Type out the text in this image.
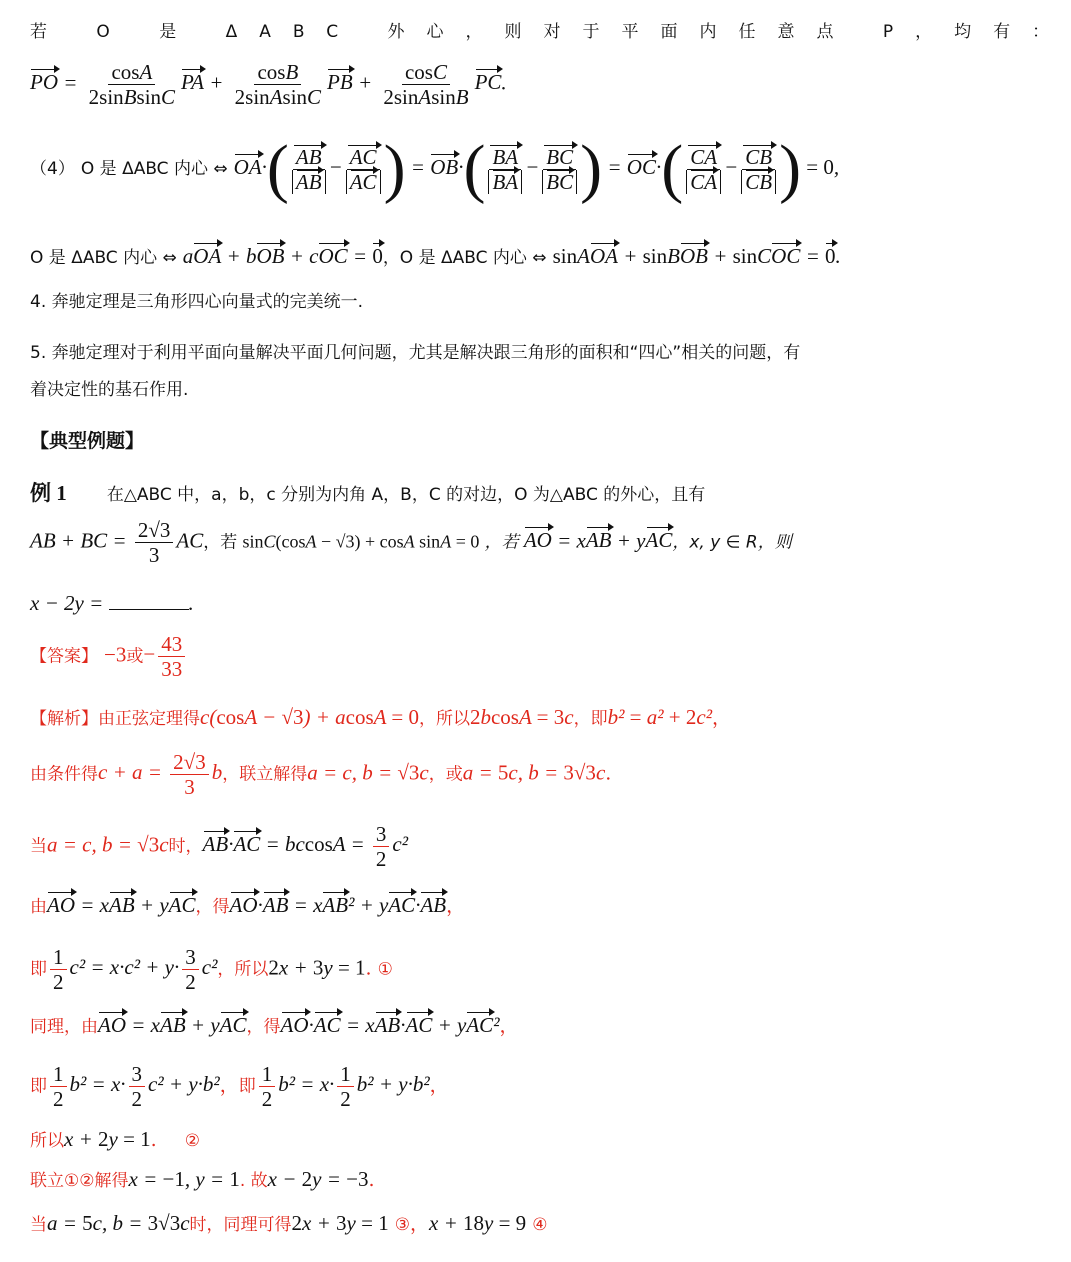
若 O 是 ΔABC 外心，则对于平面内任意点 P，均有：
PO = $\frac{\cos A}{\text{2sinBsinC}}$ PA + $\frac{\cos B}{\text{2sinAsinC}}$ PB + $\frac{\cos C}{\text{2sinAsinB}}$ PC.
（4） O 是 ΔABC 内心 ⇔ $OA\cdot( \frac{AB}{AB} - \frac{AC}{AC}$ ) = $OB\cdot( \frac{BA}{BA} - \frac{BC}{BC}$ ) = $OC\cdot( \frac{CA}{CA} - \frac{CB}{CB}$ ) = 0,
O 是 ΔABC 内心 ⇔ aOA + bOB + cOC = 0，O 是 ΔABC 内心 ⇔ sinAOA + sinBOB + sinCOC = 0.
4. 奔驰定理是三角形四心向量式的完美统一.
5. 奔驰定理对于利用平面向量解决平面几何问题，尤其是解决跟三角形的面积和“四心”相关的问题，有
着决定性的基石作用.
【典型例题】
例 1 在△ABC 中，a，b，c 分别为内角 A，B，C 的对边，O 为△ABC 的外心，且有
AB + BC = $\frac{2√3}{3}$ AC，若 sinC(cosA − √3) + cosA sinA = 0 ，若 AO = xAB + yAC，x, y ∈ R，则
x − 2y =	.
【答案】 −3或− $\frac{43}{33}$
【解析】由正弦定理得c(cosA − √3) + acosA = 0，所以2bcosA = 3c，即b² = a² + 2c²，
由条件得$c + a = \frac{2√3}{3}$ b，联立解得a = c, b = √3c，或a = 5c, b = 3√3c.
当a = c, b = √3c时，$AB\cdot AC = bccosA = \frac{3}{2} c^2$
由AO = xAB + yAC，得AO·AB = xAB² + yAC·AB，
即 $\frac{1}{2} c^2 = x\cdot c^2 + y\cdot \frac{3}{2} c^2$，所以2x + 3y = 1. ①
同理，由AO = xAB + yAC，得AO·AC = xAB·AC + yAC²，
即 $\frac{1}{2} b^2 = x\cdot \frac{3}{2} c^2 + y\cdot b^2$，即 $\frac{1}{2} b^2 = x\cdot \frac{1}{2} b^2 + y\cdot b^2$，
所以x + 2y = 1. ②
联立①②解得x = −1, y = 1. 故x − 2y = −3.
当a = 5c, b = 3√3c时，同理可得2x + 3y = 1 ③，x + 18y = 9 ④
